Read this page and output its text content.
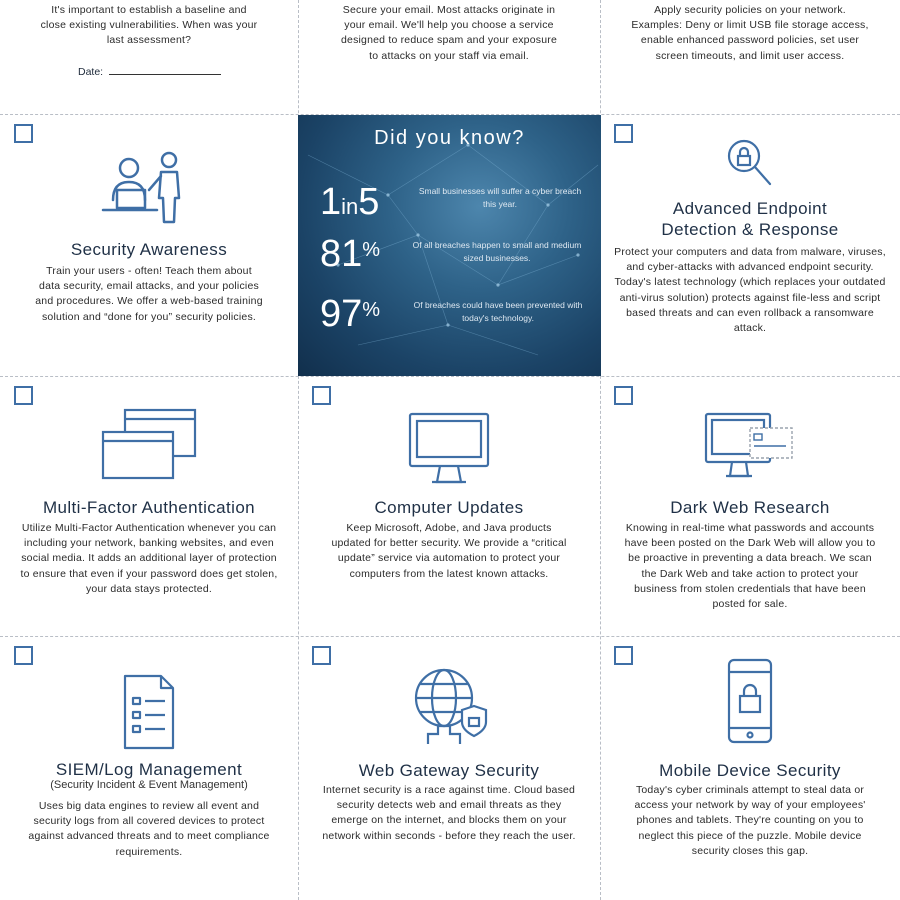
It's important to establish a baseline and close existing vulnerabilities. When was your last assessment?
Date:
Secure your email. Most attacks originate in your email. We'll help you choose a service designed to reduce spam and your exposure to attacks on your staff via email.
Apply security policies on your network. Examples: Deny or limit USB file storage access, enable enhanced password policies, set user screen timeouts, and limit user access.
Security Awareness
Train your users - often! Teach them about data security, email attacks, and your policies and procedures. We offer a web-based training solution and “done for you” security policies.
Did you know?
1in5	Small businesses will suffer a cyber breach this year.
81%	Of all breaches happen to small and medium sized businesses.
97%	Of breaches could have been prevented with today's technology.
Advanced Endpoint
Detection & Response
Protect your computers and data from malware, viruses, and cyber-attacks with advanced endpoint security. Today's latest technology (which replaces your outdated anti-virus solution) protects against file-less and script based threats and can even rollback a ransomware attack.
Multi-Factor Authentication
Utilize Multi-Factor Authentication whenever you can including your network, banking websites, and even social media. It adds an additional layer of protection to ensure that even if your password does get stolen, your data stays protected.
Computer Updates
Keep Microsoft, Adobe, and Java products updated for better security. We provide a “critical update” service via automation to protect your computers from the latest known attacks.
Dark Web Research
Knowing in real-time what passwords and accounts have been posted on the Dark Web will allow you to be proactive in preventing a data breach. We scan the Dark Web and take action to protect your business from stolen credentials that have been posted for sale.
SIEM/Log Management
(Security Incident & Event Management)
Uses big data engines to review all event and security logs from all covered devices to protect against advanced threats and to meet compliance requirements.
Web Gateway Security
Internet security is a race against time. Cloud based security detects web and email threats as they emerge on the internet, and blocks them on your network within seconds - before they reach the user.
Mobile Device Security
Today's cyber criminals attempt to steal data or access your network by way of your employees' phones and tablets. They're counting on you to neglect this piece of the puzzle. Mobile device security closes this gap.
